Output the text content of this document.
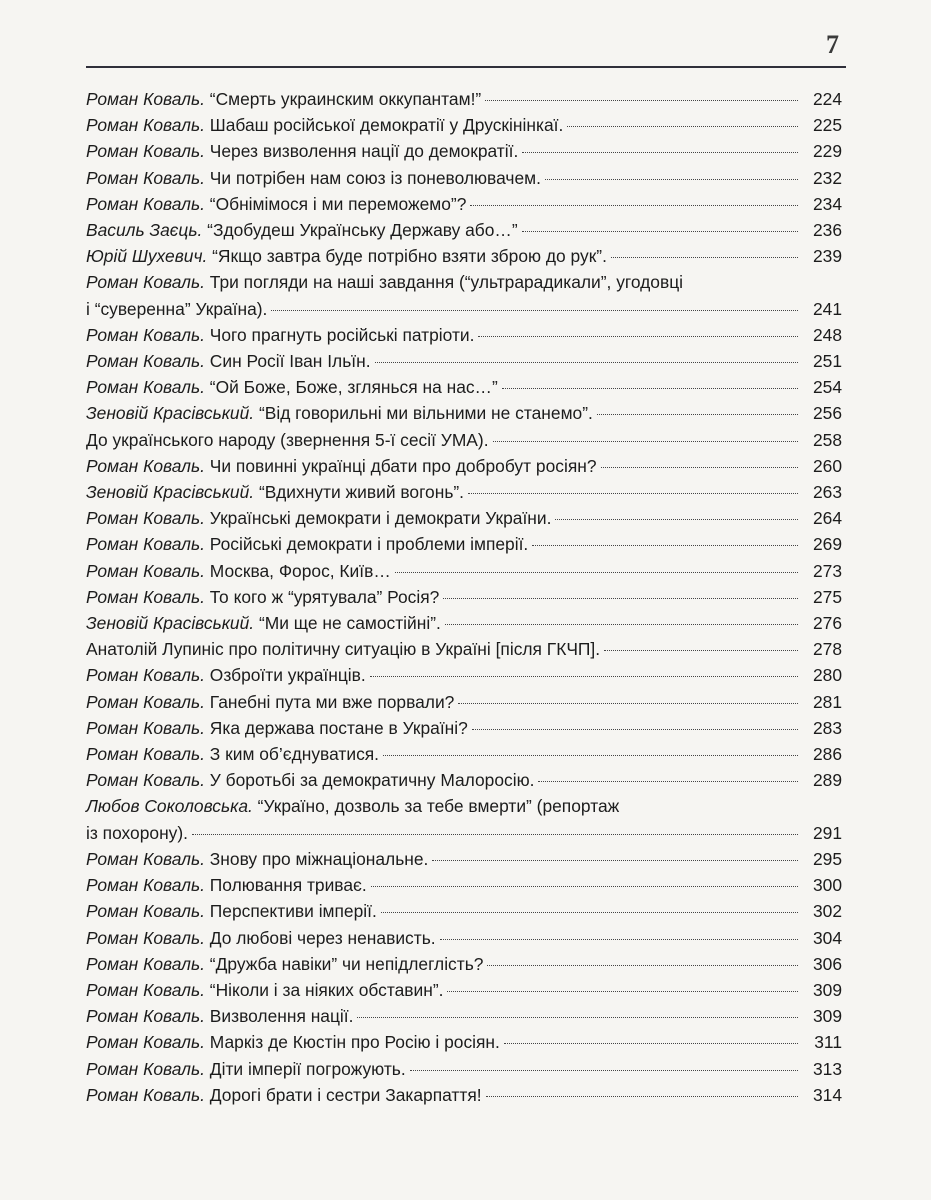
7
Роман Коваль. “Смерть украинским оккупантам!”	224
Роман Коваль. Шабаш російської демократії у Друскінінкаї.	225
Роман Коваль. Через визволення нації до демократії.	229
Роман Коваль. Чи потрібен нам союз із поневолювачем.	232
Роман Коваль. “Обнімімося і ми переможемо”?	234
Василь Заєць. “Здобудеш Українську Державу або…”	236
Юрій Шухевич. “Якщо завтра буде потрібно взяти зброю до рук”.	239
Роман Коваль. Три погляди на наші завдання (“ультрарадикали”, угодовці
і “суверенна” Україна).	241
Роман Коваль. Чого прагнуть російські патріоти.	248
Роман Коваль. Син Росії Іван Ільїн.	251
Роман Коваль. “Ой Боже, Боже, зглянься на нас…”	254
Зеновій Красівський. “Від говорильні ми вільними не станемо”.	256
До українського народу (звернення 5-ї сесії УМА).	258
Роман Коваль. Чи повинні українці дбати про добробут росіян?	260
Зеновій Красівський. “Вдихнути живий вогонь”.	263
Роман Коваль. Українські демократи і демократи України.	264
Роман Коваль. Російські демократи і проблеми імперії.	269
Роман Коваль. Москва, Форос, Київ…	273
Роман Коваль. То кого ж “урятувала” Росія?	275
Зеновій Красівський. “Ми ще не самостійні”.	276
Анатолій Лупиніс про політичну ситуацію в Україні [після ГКЧП].	278
Роман Коваль. Озброїти українців.	280
Роман Коваль. Ганебні пута ми вже порвали?	281
Роман Коваль. Яка держава постане в Україні?	283
Роман Коваль. З ким об’єднуватися.	286
Роман Коваль. У боротьбі за демократичну Малоросію.	289
Любов Соколовська. “Україно, дозволь за тебе вмерти” (репортаж
із похорону).	291
Роман Коваль. Знову про міжнаціональне.	295
Роман Коваль. Полювання триває.	300
Роман Коваль. Перспективи імперії.	302
Роман Коваль. До любові через ненависть.	304
Роман Коваль. “Дружба навіки” чи непідлеглість?	306
Роман Коваль. “Ніколи і за ніяких обставин”.	309
Роман Коваль. Визволення нації.	309
Роман Коваль. Маркіз де Кюстін про Росію і росіян.	311
Роман Коваль. Діти імперії погрожують.	313
Роман Коваль. Дорогі брати і сестри Закарпаття!	314
